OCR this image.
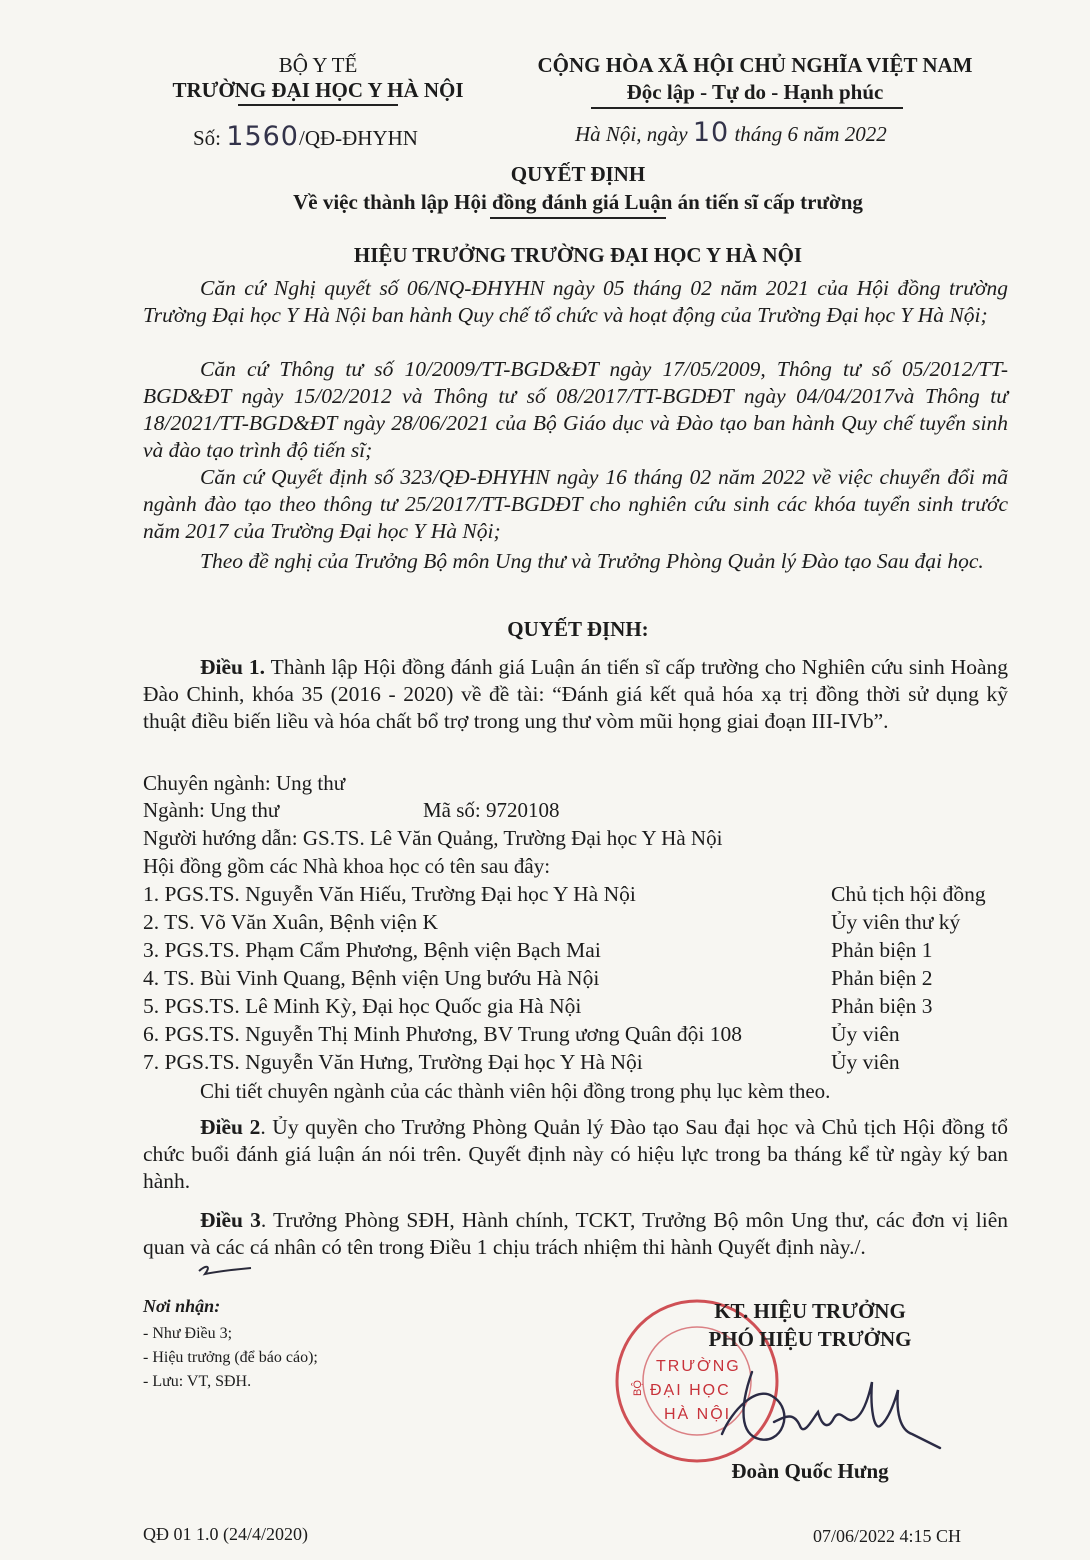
BỘ Y TẾ
TRƯỜNG ĐẠI HỌC Y HÀ NỘI
Số: 1560/QĐ-ĐHYHN
CỘNG HÒA XÃ HỘI CHỦ NGHĨA VIỆT NAM
Độc lập - Tự do - Hạnh phúc
Hà Nội, ngày 10 tháng 6 năm 2022
QUYẾT ĐỊNH
Về việc thành lập Hội đồng đánh giá Luận án tiến sĩ cấp trường
HIỆU TRƯỞNG TRƯỜNG ĐẠI HỌC Y HÀ NỘI
Căn cứ Nghị quyết số 06/NQ-ĐHYHN ngày 05 tháng 02 năm 2021 của Hội đồng trường Trường Đại học Y Hà Nội ban hành Quy chế tổ chức và hoạt động của Trường Đại học Y Hà Nội;
Căn cứ Thông tư số 10/2009/TT-BGD&ĐT ngày 17/05/2009, Thông tư số 05/2012/TT-BGD&ĐT ngày 15/02/2012 và Thông tư số 08/2017/TT-BGDĐT ngày 04/04/2017và Thông tư 18/2021/TT-BGD&ĐT ngày 28/06/2021 của Bộ Giáo dục và Đào tạo ban hành Quy chế tuyển sinh và đào tạo trình độ tiến sĩ;
Căn cứ Quyết định số 323/QĐ-ĐHYHN ngày 16 tháng 02 năm 2022 về việc chuyển đổi mã ngành đào tạo theo thông tư 25/2017/TT-BGDĐT cho nghiên cứu sinh các khóa tuyển sinh trước năm 2017 của Trường Đại học Y Hà Nội;
Theo đề nghị của Trưởng Bộ môn Ung thư và Trưởng Phòng Quản lý Đào tạo Sau đại học.
QUYẾT ĐỊNH:
Điều 1. Thành lập Hội đồng đánh giá Luận án tiến sĩ cấp trường cho Nghiên cứu sinh Hoàng Đào Chinh, khóa 35 (2016 - 2020) về đề tài: “Đánh giá kết quả hóa xạ trị đồng thời sử dụng kỹ thuật điều biến liều và hóa chất bổ trợ trong ung thư vòm mũi họng giai đoạn III-IVb”.
Chuyên ngành: Ung thư
Ngành: Ung thư	Mã số: 9720108
Người hướng dẫn: GS.TS. Lê Văn Quảng, Trường Đại học Y Hà Nội
Hội đồng gồm các Nhà khoa học có tên sau đây:
1. PGS.TS. Nguyễn Văn Hiếu, Trường Đại học Y Hà Nội	Chủ tịch hội đồng
2. TS. Võ Văn Xuân, Bệnh viện K	Ủy viên thư ký
3. PGS.TS. Phạm Cẩm Phương, Bệnh viện Bạch Mai	Phản biện 1
4. TS. Bùi Vinh Quang, Bệnh viện Ung bướu Hà Nội	Phản biện 2
5. PGS.TS. Lê Minh Kỳ, Đại học Quốc gia Hà Nội	Phản biện 3
6. PGS.TS. Nguyễn Thị Minh Phương, BV Trung ương Quân đội 108	Ủy viên
7. PGS.TS. Nguyễn Văn Hưng, Trường Đại học Y Hà Nội	Ủy viên
Chi tiết chuyên ngành của các thành viên hội đồng trong phụ lục kèm theo.
Điều 2. Ủy quyền cho Trưởng Phòng Quản lý Đào tạo Sau đại học và Chủ tịch Hội đồng tổ chức buổi đánh giá luận án nói trên. Quyết định này có hiệu lực trong ba tháng kể từ ngày ký ban hành.
Điều 3. Trưởng Phòng SĐH, Hành chính, TCKT, Trưởng Bộ môn Ung thư, các đơn vị liên quan và các cá nhân có tên trong Điều 1 chịu trách nhiệm thi hành Quyết định này./.
Nơi nhận:
- Như Điều 3;
- Hiệu trưởng (để báo cáo);
- Lưu: VT, SĐH.
TRƯỜNG
ĐẠI HỌC
HÀ NỘI
BỘ
KT. HIỆU TRƯỞNG
PHÓ HIỆU TRƯỞNG
Đoàn Quốc Hưng
QĐ 01 1.0 (24/4/2020)	07/06/2022 4:15 CH
